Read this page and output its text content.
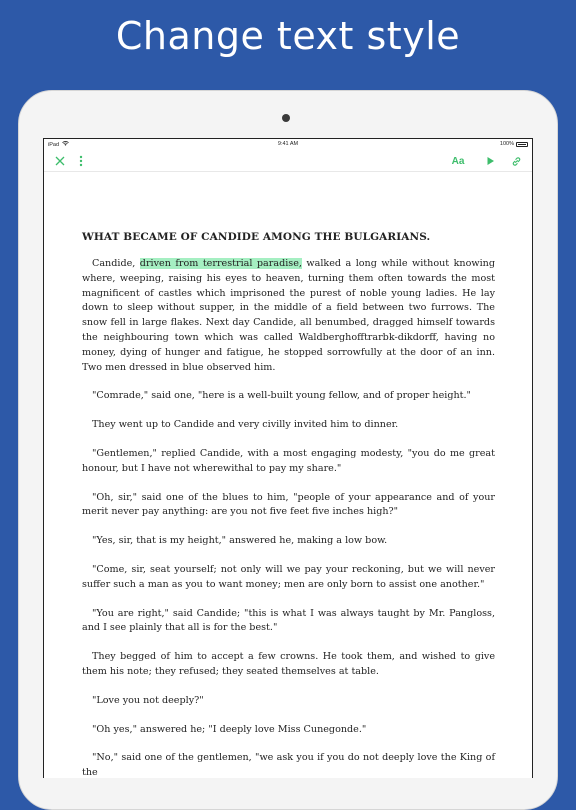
Change text style
iPad	9:41 AM	100%
Aa
WHAT BECAME OF CANDIDE AMONG THE BULGARIANS.

Candide, driven from terrestrial paradise, walked a long while without knowing where, weeping, raising his eyes to heaven, turning them often towards the most magnificent of castles which imprisoned the purest of noble young ladies. He lay down to sleep without supper, in the middle of a field between two furrows. The snow fell in large flakes. Next day Candide, all benumbed, dragged himself towards the neighbouring town which was called Waldberghofftrarbk-dikdorff, having no money, dying of hunger and fatigue, he stopped sorrowfully at the door of an inn. Two men dressed in blue observed him.

"Comrade," said one, "here is a well-built young fellow, and of proper height."

They went up to Candide and very civilly invited him to dinner.

"Gentlemen," replied Candide, with a most engaging modesty, "you do me great honour, but I have not wherewithal to pay my share."

"Oh, sir," said one of the blues to him, "people of your appearance and of your merit never pay anything: are you not five feet five inches high?"

"Yes, sir, that is my height," answered he, making a low bow.

"Come, sir, seat yourself; not only will we pay your reckoning, but we will never suffer such a man as you to want money; men are only born to assist one another."

"You are right," said Candide; "this is what I was always taught by Mr. Pangloss, and I see plainly that all is for the best."

They begged of him to accept a few crowns. He took them, and wished to give them his note; they refused; they seated themselves at table.

"Love you not deeply?"

"Oh yes," answered he; "I deeply love Miss Cunegonde."

"No," said one of the gentlemen, "we ask you if you do not deeply love the King of the
